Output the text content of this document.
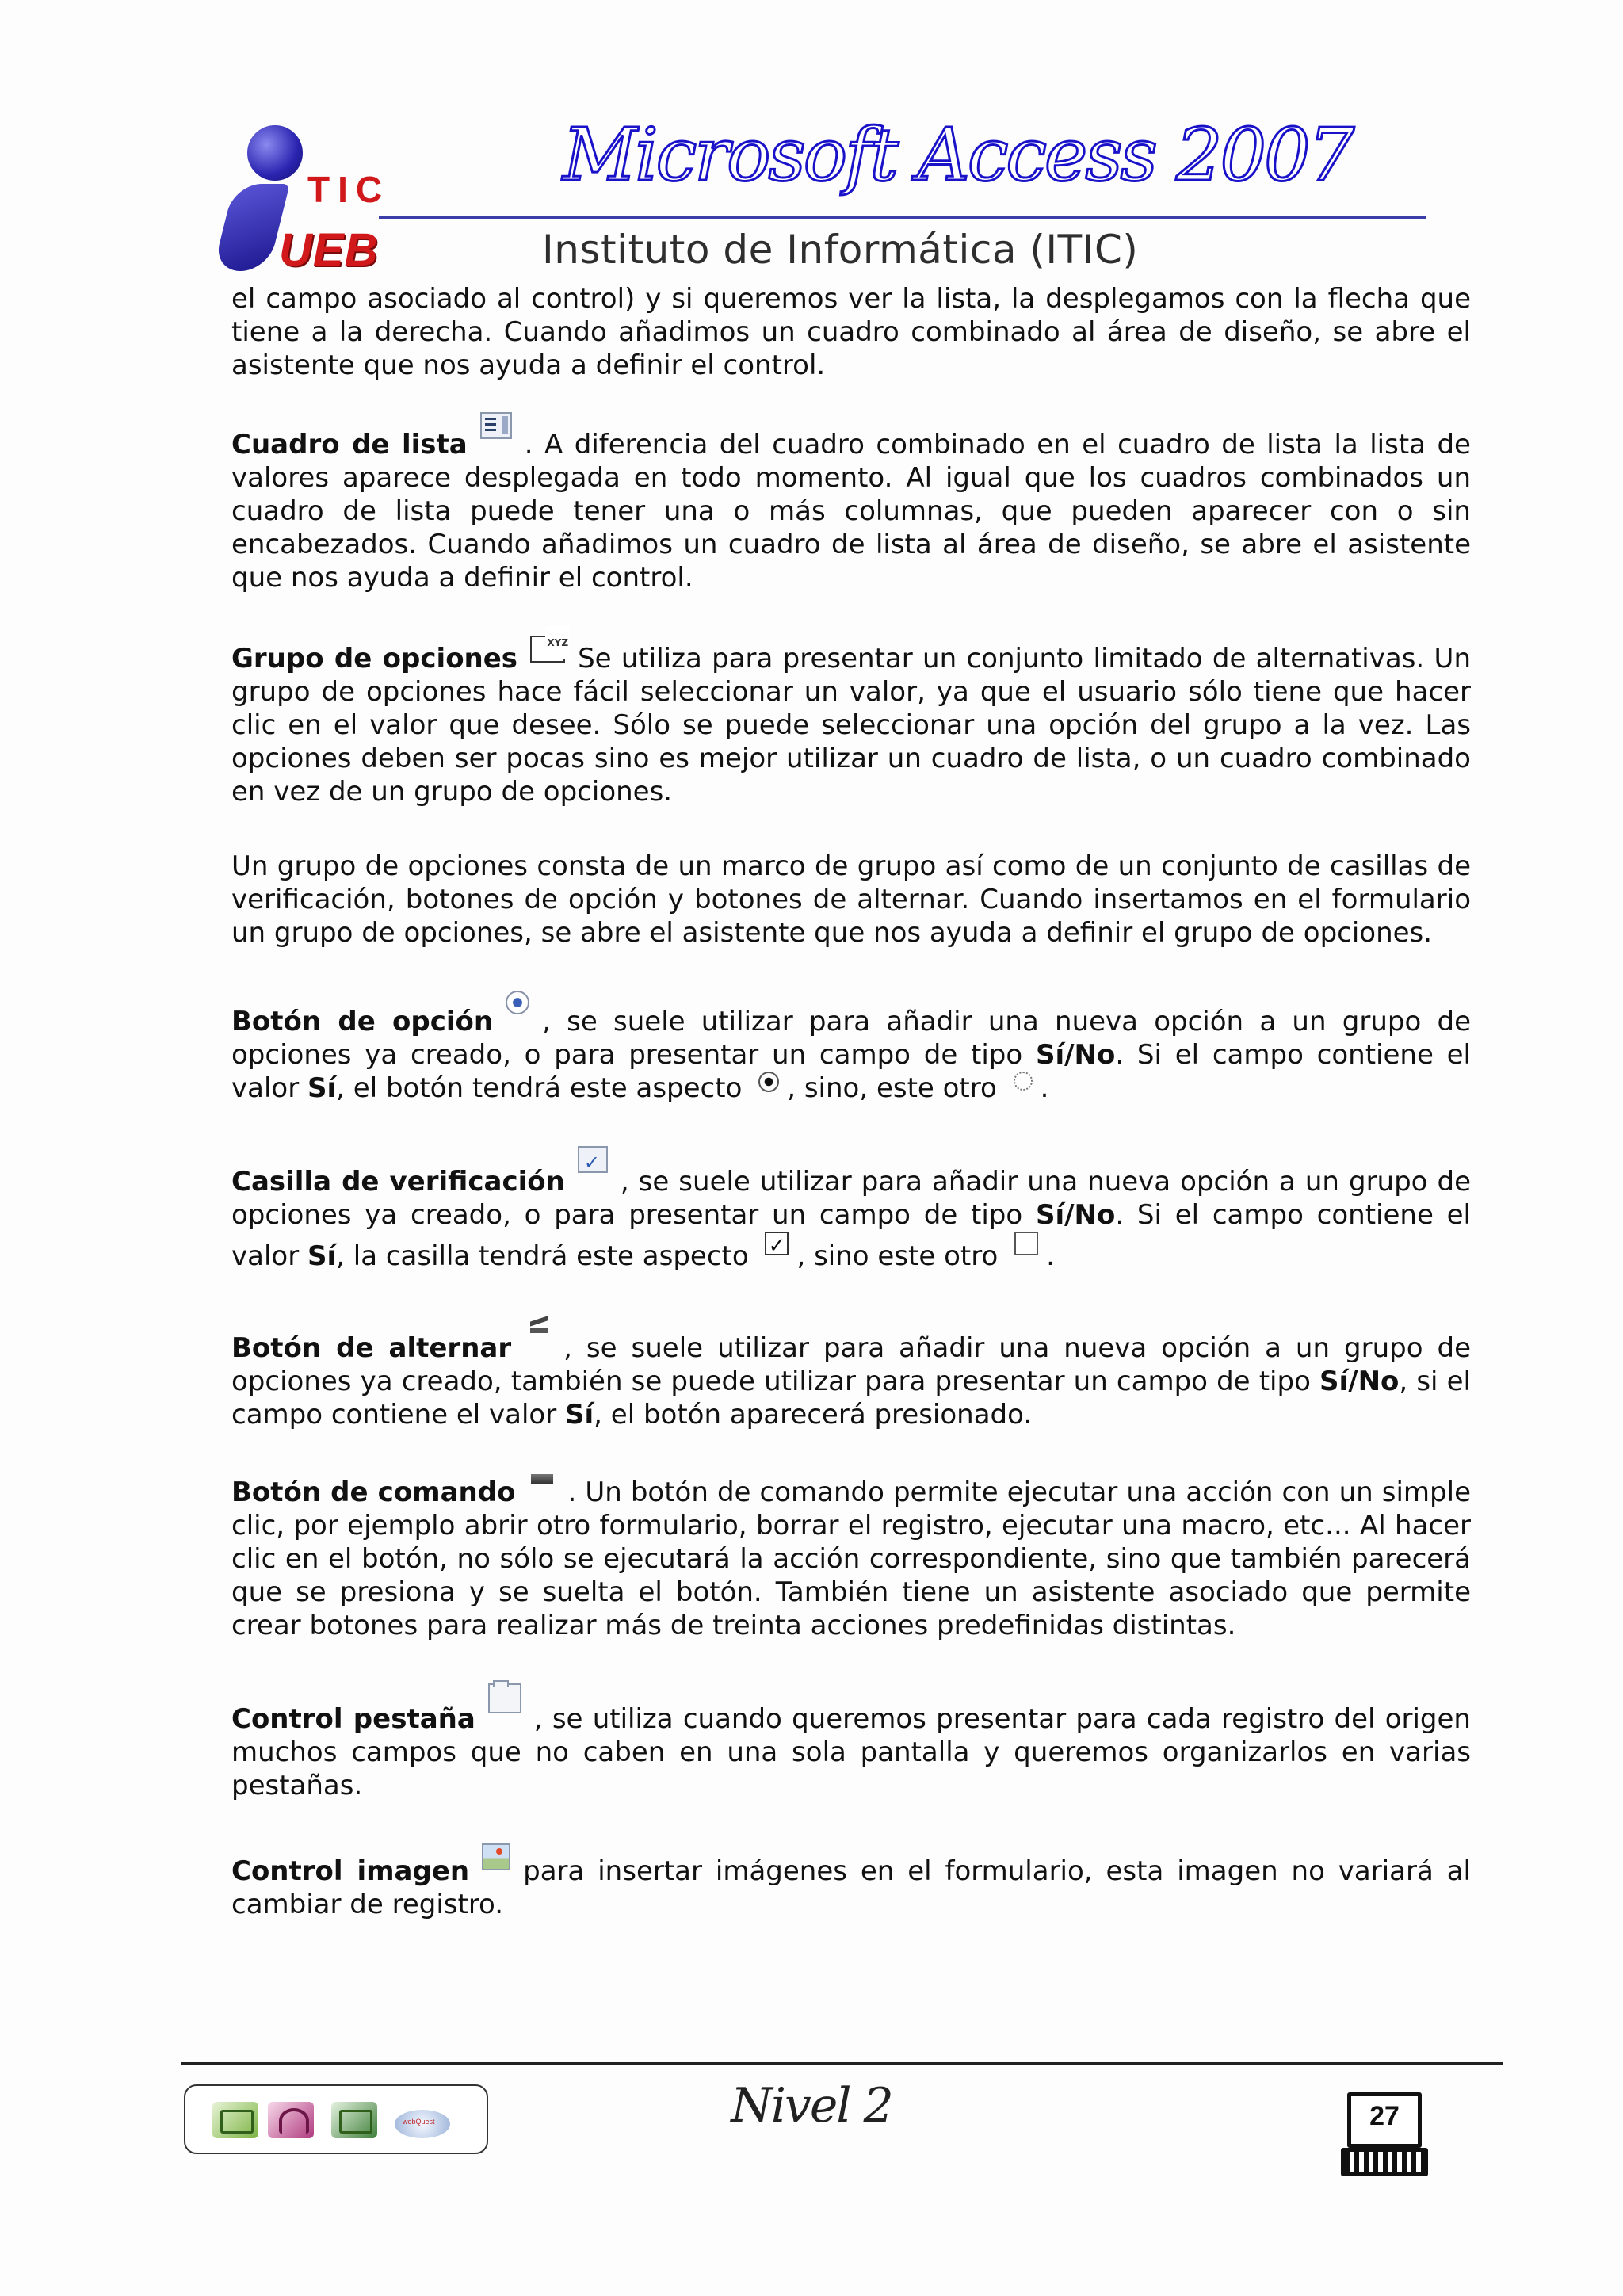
TIC
UEB
Microsoft Access 2007
Instituto de Informática (ITIC)

el campo asociado al control) y si queremos ver la lista, la desplegamos con la flecha que tiene a la derecha. Cuando añadimos un cuadro combinado al área de diseño, se abre el asistente que nos ayuda a definir el control.

Cuadro de lista . A diferencia del cuadro combinado en el cuadro de lista la lista de valores aparece desplegada en todo momento. Al igual que los cuadros combinados un cuadro de lista puede tener una o más columnas, que pueden aparecer con o sin encabezados. Cuando añadimos un cuadro de lista al área de diseño, se abre el asistente que nos ayuda a definir el control.

Grupo de opcionesXYZ Se utiliza para presentar un conjunto limitado de alternativas. Un grupo de opciones hace fácil seleccionar un valor, ya que el usuario sólo tiene que hacer clic en el valor que desee. Sólo se puede seleccionar una opción del grupo a la vez. Las opciones deben ser pocas sino es mejor utilizar un cuadro de lista, o un cuadro combinado en vez de un grupo de opciones.

Un grupo de opciones consta de un marco de grupo así como de un conjunto de casillas de verificación, botones de opción y botones de alternar. Cuando insertamos en el formulario un grupo de opciones, se abre el asistente que nos ayuda a definir el grupo de opciones.

Botón de opción , se suele utilizar para añadir una nueva opción a un grupo de opciones ya creado, o para presentar un campo de tipo Sí/No. Si el campo contiene el valor Sí, el botón tendrá este aspecto , sino, este otro .

Casilla de verificación✓ , se suele utilizar para añadir una nueva opción a un grupo de opciones ya creado, o para presentar un campo de tipo Sí/No. Si el campo contiene el valor Sí, la casilla tendrá este aspecto ✓, sino este otro .

Botón de alternar , se suele utilizar para añadir una nueva opción a un grupo de opciones ya creado, también se puede utilizar para presentar un campo de tipo Sí/No, si el campo contiene el valor Sí, el botón aparecerá presionado.

Botón de comando . Un botón de comando permite ejecutar una acción con un simple clic, por ejemplo abrir otro formulario, borrar el registro, ejecutar una macro, etc... Al hacer clic en el botón, no sólo se ejecutará la acción correspondiente, sino que también parecerá que se presiona y se suelta el botón. También tiene un asistente asociado que permite crear botones para realizar más de treinta acciones predefinidas distintas.

Control pestaña , se utiliza cuando queremos presentar para cada registro del origen muchos campos que no caben en una sola pantalla y queremos organizarlos en varias pestañas.

Control imagen para insertar imágenes en el formulario, esta imagen no variará al cambiar de registro.

webQuest
Nivel 2	27
